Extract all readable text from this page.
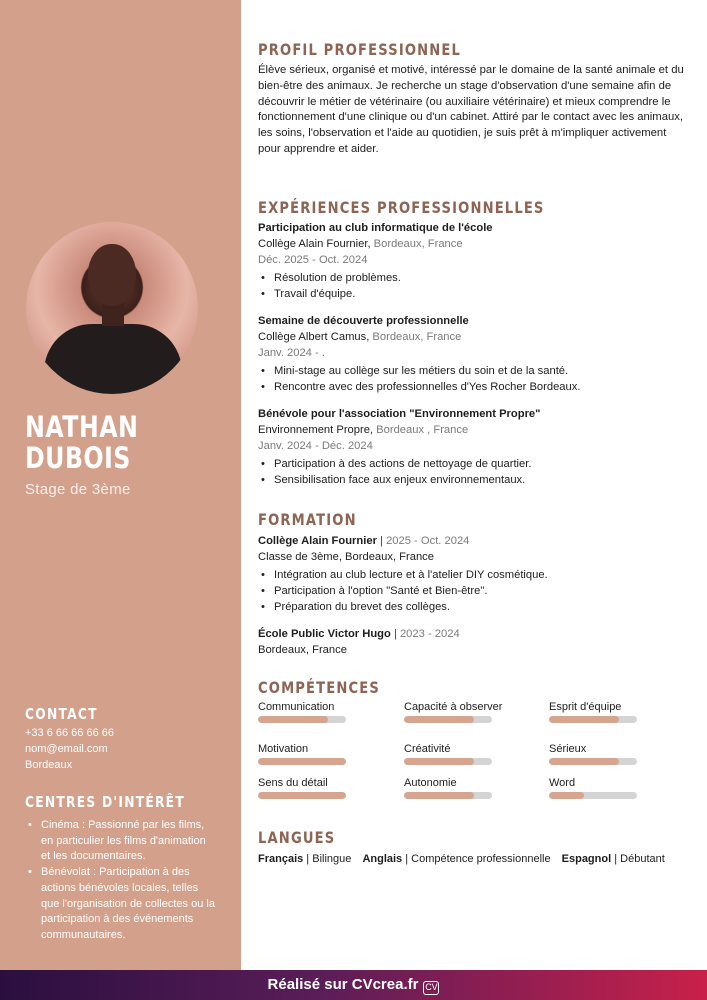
NATHAN
DUBOIS
Stage de 3ème
CONTACT
+33 6 66 66 66 66
nom@email.com
Bordeaux
CENTRES D'INTÉRÊT
• Cinéma : Passionné par les films, en particulier les films d'animation et les documentaires.
• Bénévolat : Participation à des actions bénévoles locales, telles que l'organisation de collectes ou la participation à des événements communautaires.
PROFIL PROFESSIONNEL
Élève sérieux, organisé et motivé, intéressé par le domaine de la santé animale et du bien-être des animaux. Je recherche un stage d'observation d'une semaine afin de découvrir le métier de vétérinaire (ou auxiliaire vétérinaire) et mieux comprendre le fonctionnement d'une clinique ou d'un cabinet. Attiré par le contact avec les animaux, les soins, l'observation et l'aide au quotidien, je suis prêt à m'impliquer activement pour apprendre et aider.
EXPÉRIENCES PROFESSIONNELLES
Participation au club informatique de l'école
Collège Alain Fournier, Bordeaux, France
Déc. 2025 - Oct. 2024
• Résolution de problèmes.
• Travail d'équipe.
Semaine de découverte professionnelle
Collège Albert Camus, Bordeaux, France
Janv. 2024 - .
• Mini-stage au collège sur les métiers du soin et de la santé.
• Rencontre avec des professionnelles d'Yes Rocher Bordeaux.
Bénévole pour l'association "Environnement Propre"
Environnement Propre, Bordeaux , France
Janv. 2024 - Déc. 2024
• Participation à des actions de nettoyage de quartier.
• Sensibilisation face aux enjeux environnementaux.
FORMATION
Collège Alain Fournier | 2025 - Oct. 2024
Classe de 3ème, Bordeaux, France
• Intégration au club lecture et à l'atelier DIY cosmétique.
• Participation à l'option "Santé et Bien-être".
• Préparation du brevet des collèges.
École Public Victor Hugo | 2023 - 2024
Bordeaux, France
COMPÉTENCES
Communication	Capacité à observer	Esprit d'équipe
Motivation	Créativité	Sérieux
Sens du détail	Autonomie	Word
LANGUES
Français | Bilingue Anglais | Compétence professionnelle Espagnol | Débutant
Réalisé sur CVcrea.fr CV
